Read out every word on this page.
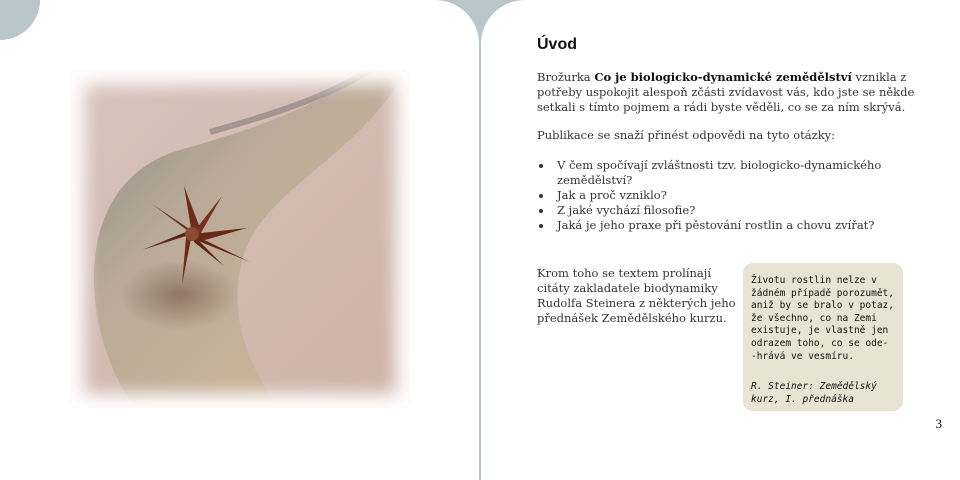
Úvod

Brožurka Co je biologicko-dynamické zemědělství vznikla z potřeby uspokojit alespoň zčásti zvídavost vás, kdo jste se někde setkali s tímto pojmem a rádi byste věděli, co se za ním skrývá.

Publikace se snaží přinést odpovědi na tyto otázky:

V čem spočívají zvláštnosti tzv. biologicko-dynamického zemědělství?
Jak a proč vzniklo?
Z jaké vychází filosofie?
Jaká je jeho praxe při pěstování rostlin a chovu zvířat?

Krom toho se textem prolínají citáty zakladatele biodynamiky Rudolfa Steinera z některých jeho přednášek Zemědělského kurzu.

Životu rostlin nelze v žádném případě porozumět, aniž by se bralo v potaz, že všechno, co na Zemi existuje, je vlastně jen odrazem toho, co se ode- -hrává ve vesmíru.

R. Steiner: Zemědělský kurz, I. přednáška

3
